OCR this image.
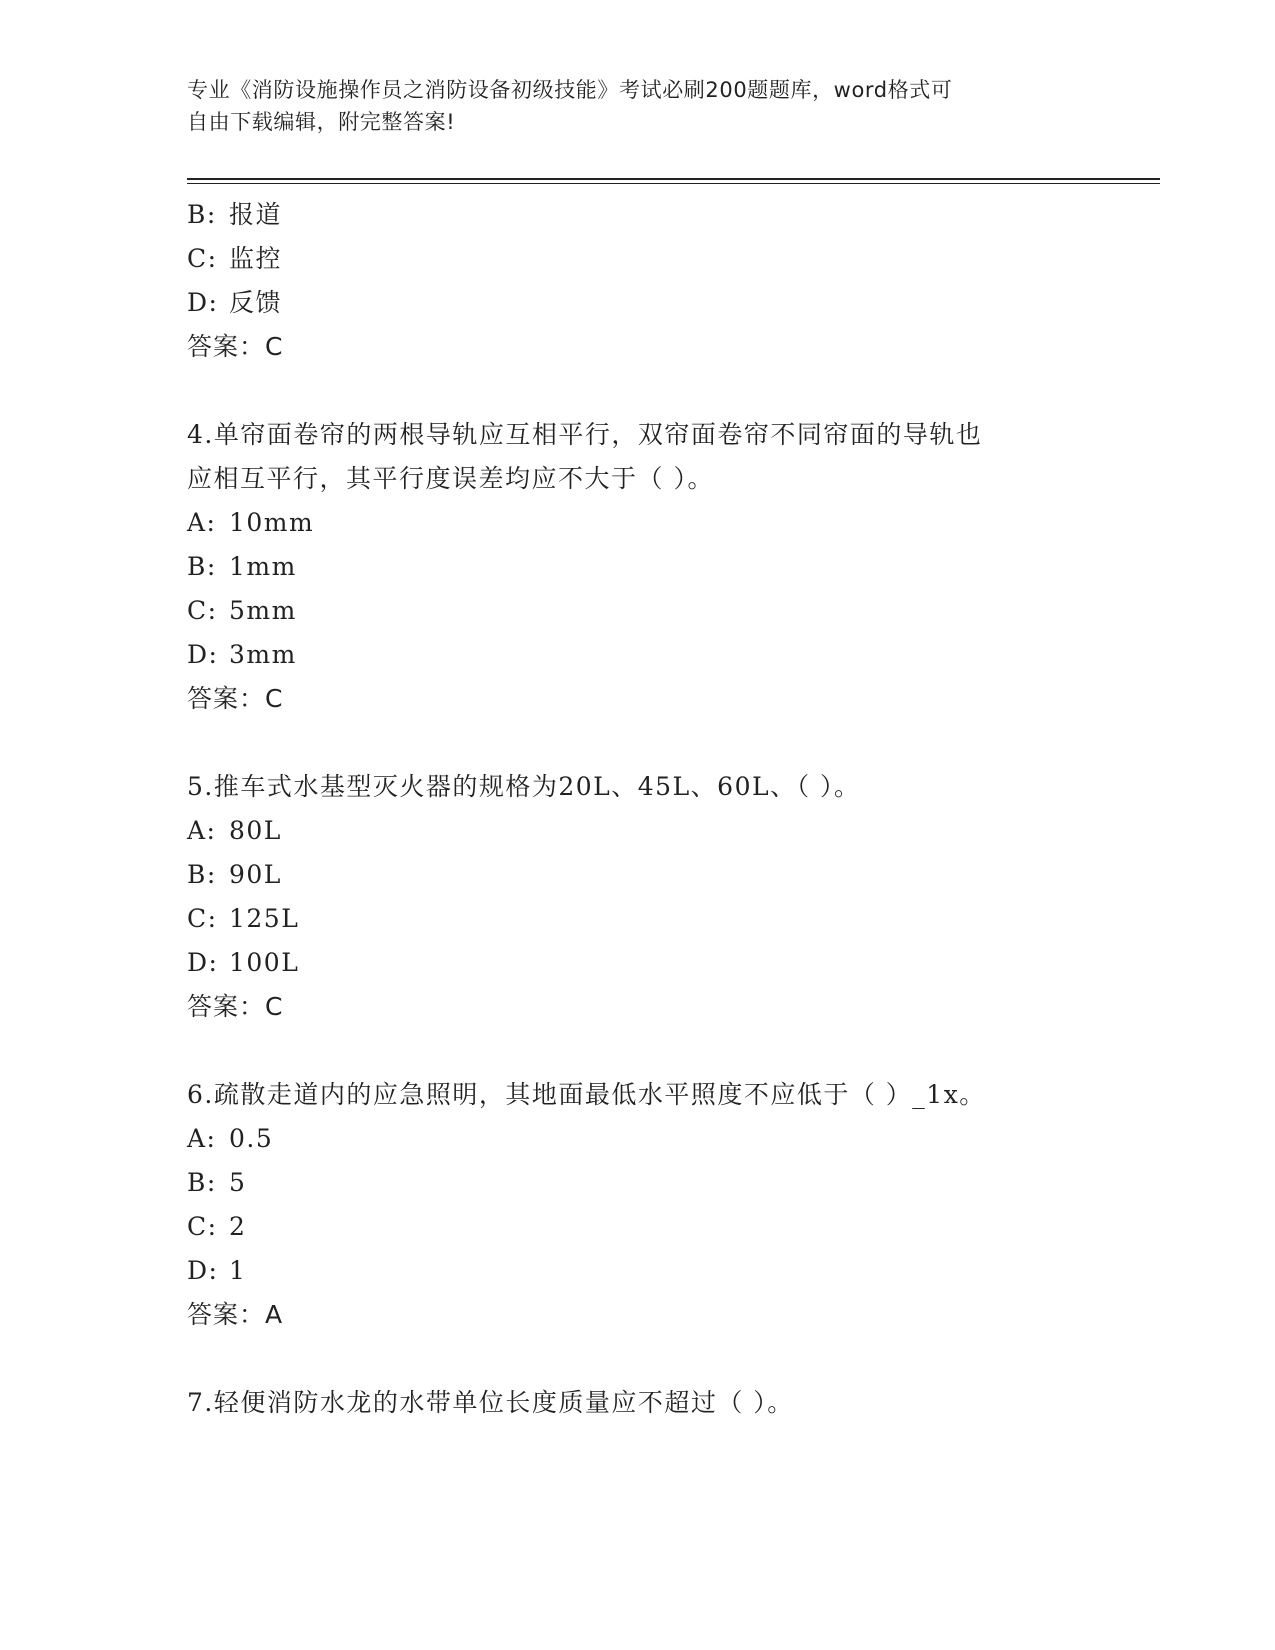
专业《消防设施操作员之消防设备初级技能》考试必刷200题题库，word格式可
自由下载编辑，附完整答案!
B: 报道
C: 监控
D: 反馈
答案：C
4.单帘面卷帘的两根导轨应互相平行，双帘面卷帘不同帘面的导轨也
应相互平行，其平行度误差均应不大于（ ）。
A: 10mm
B: 1mm
C: 5mm
D: 3mm
答案：C
5.推车式水基型灭火器的规格为20L、45L、60L、（ ）。
A: 80L
B: 90L
C: 125L
D: 100L
答案：C
6.疏散走道内的应急照明，其地面最低水平照度不应低于（ ）_1x。
A: 0.5
B: 5
C: 2
D: 1
答案：A
7.轻便消防水龙的水带单位长度质量应不超过（ ）。
